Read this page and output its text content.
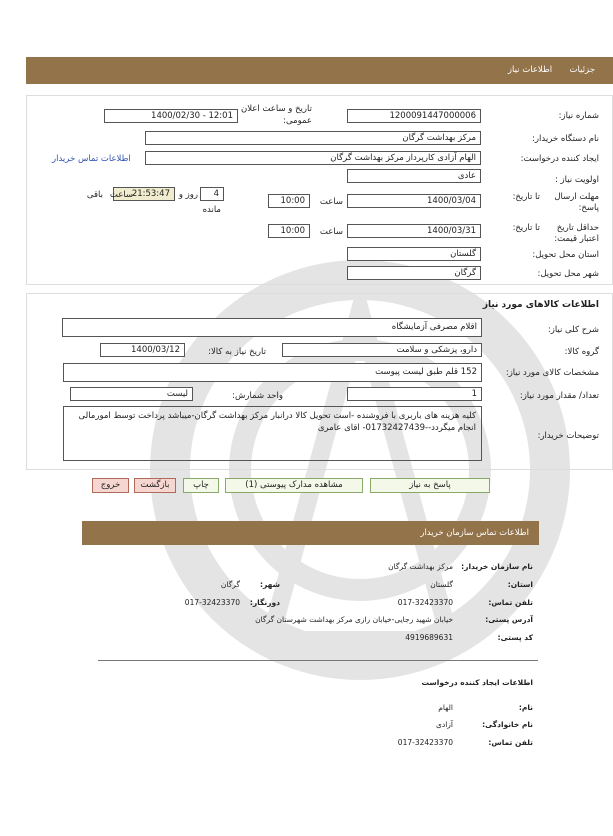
جزئیات  اطلاعات نیاز
شماره نیاز:
1200091447000006
تاریخ و ساعت اعلان عمومی:
1400/02/30 - 12:01
نام دستگاه خریدار:
مرکز بهداشت گرگان
ایجاد کننده درخواست:
الهام آزادی کارپرداز مرکز بهداشت گرگان
اطلاعات تماس خریدار
اولویت نیاز :
عادی
مهلت ارسال پاسخ:
تا تاریخ:
1400/03/04
ساعت
10:00
4
روز و
21:53:47
ساعت
باقی
مانده
حداقل تاریخ اعتبار قیمت:
تا تاریخ:
1400/03/31
ساعت
10:00
استان محل تحویل:
گلستان
شهر محل تحویل:
گرگان
اطلاعات کالاهای مورد نیاز
شرح کلی نیاز:
اقلام مصرفی آزمایشگاه
گروه کالا:
دارو، پزشکی و سلامت
تاریخ نیاز به کالا:
1400/03/12
مشخصات کالای مورد نیاز:
152 قلم طبق لیست پیوست
تعداد/ مقدار مورد نیاز:
1
واحد شمارش:
لیست
توضیحات خریدار:
کلیه هزینه های باربری با فروشنده -است تحویل کالا درانبار مرکز بهداشت گرگان-میباشد پرداخت توسط امورمالی انجام میگردد--01732427439- اقای عامری
پاسخ به نیاز
مشاهده مدارک پیوستی (1)
چاپ
بازگشت
خروج
اطلاعات تماس سازمان خریدار
نام سازمان خریدار:
مرکز بهداشت گرگان
استان:
گلستان
شهر:
گرگان
تلفن تماس:
017-32423370
دورنگار:
017-32423370
آدرس پستی:
خیابان شهید رجایی-خیابان رازی مرکز بهداشت شهرستان گرگان
کد پستی:
4919689631
اطلاعات ایجاد کننده درخواست
نام:
الهام
نام خانوادگی:
آزادی
تلفن تماس:
017-32423370
